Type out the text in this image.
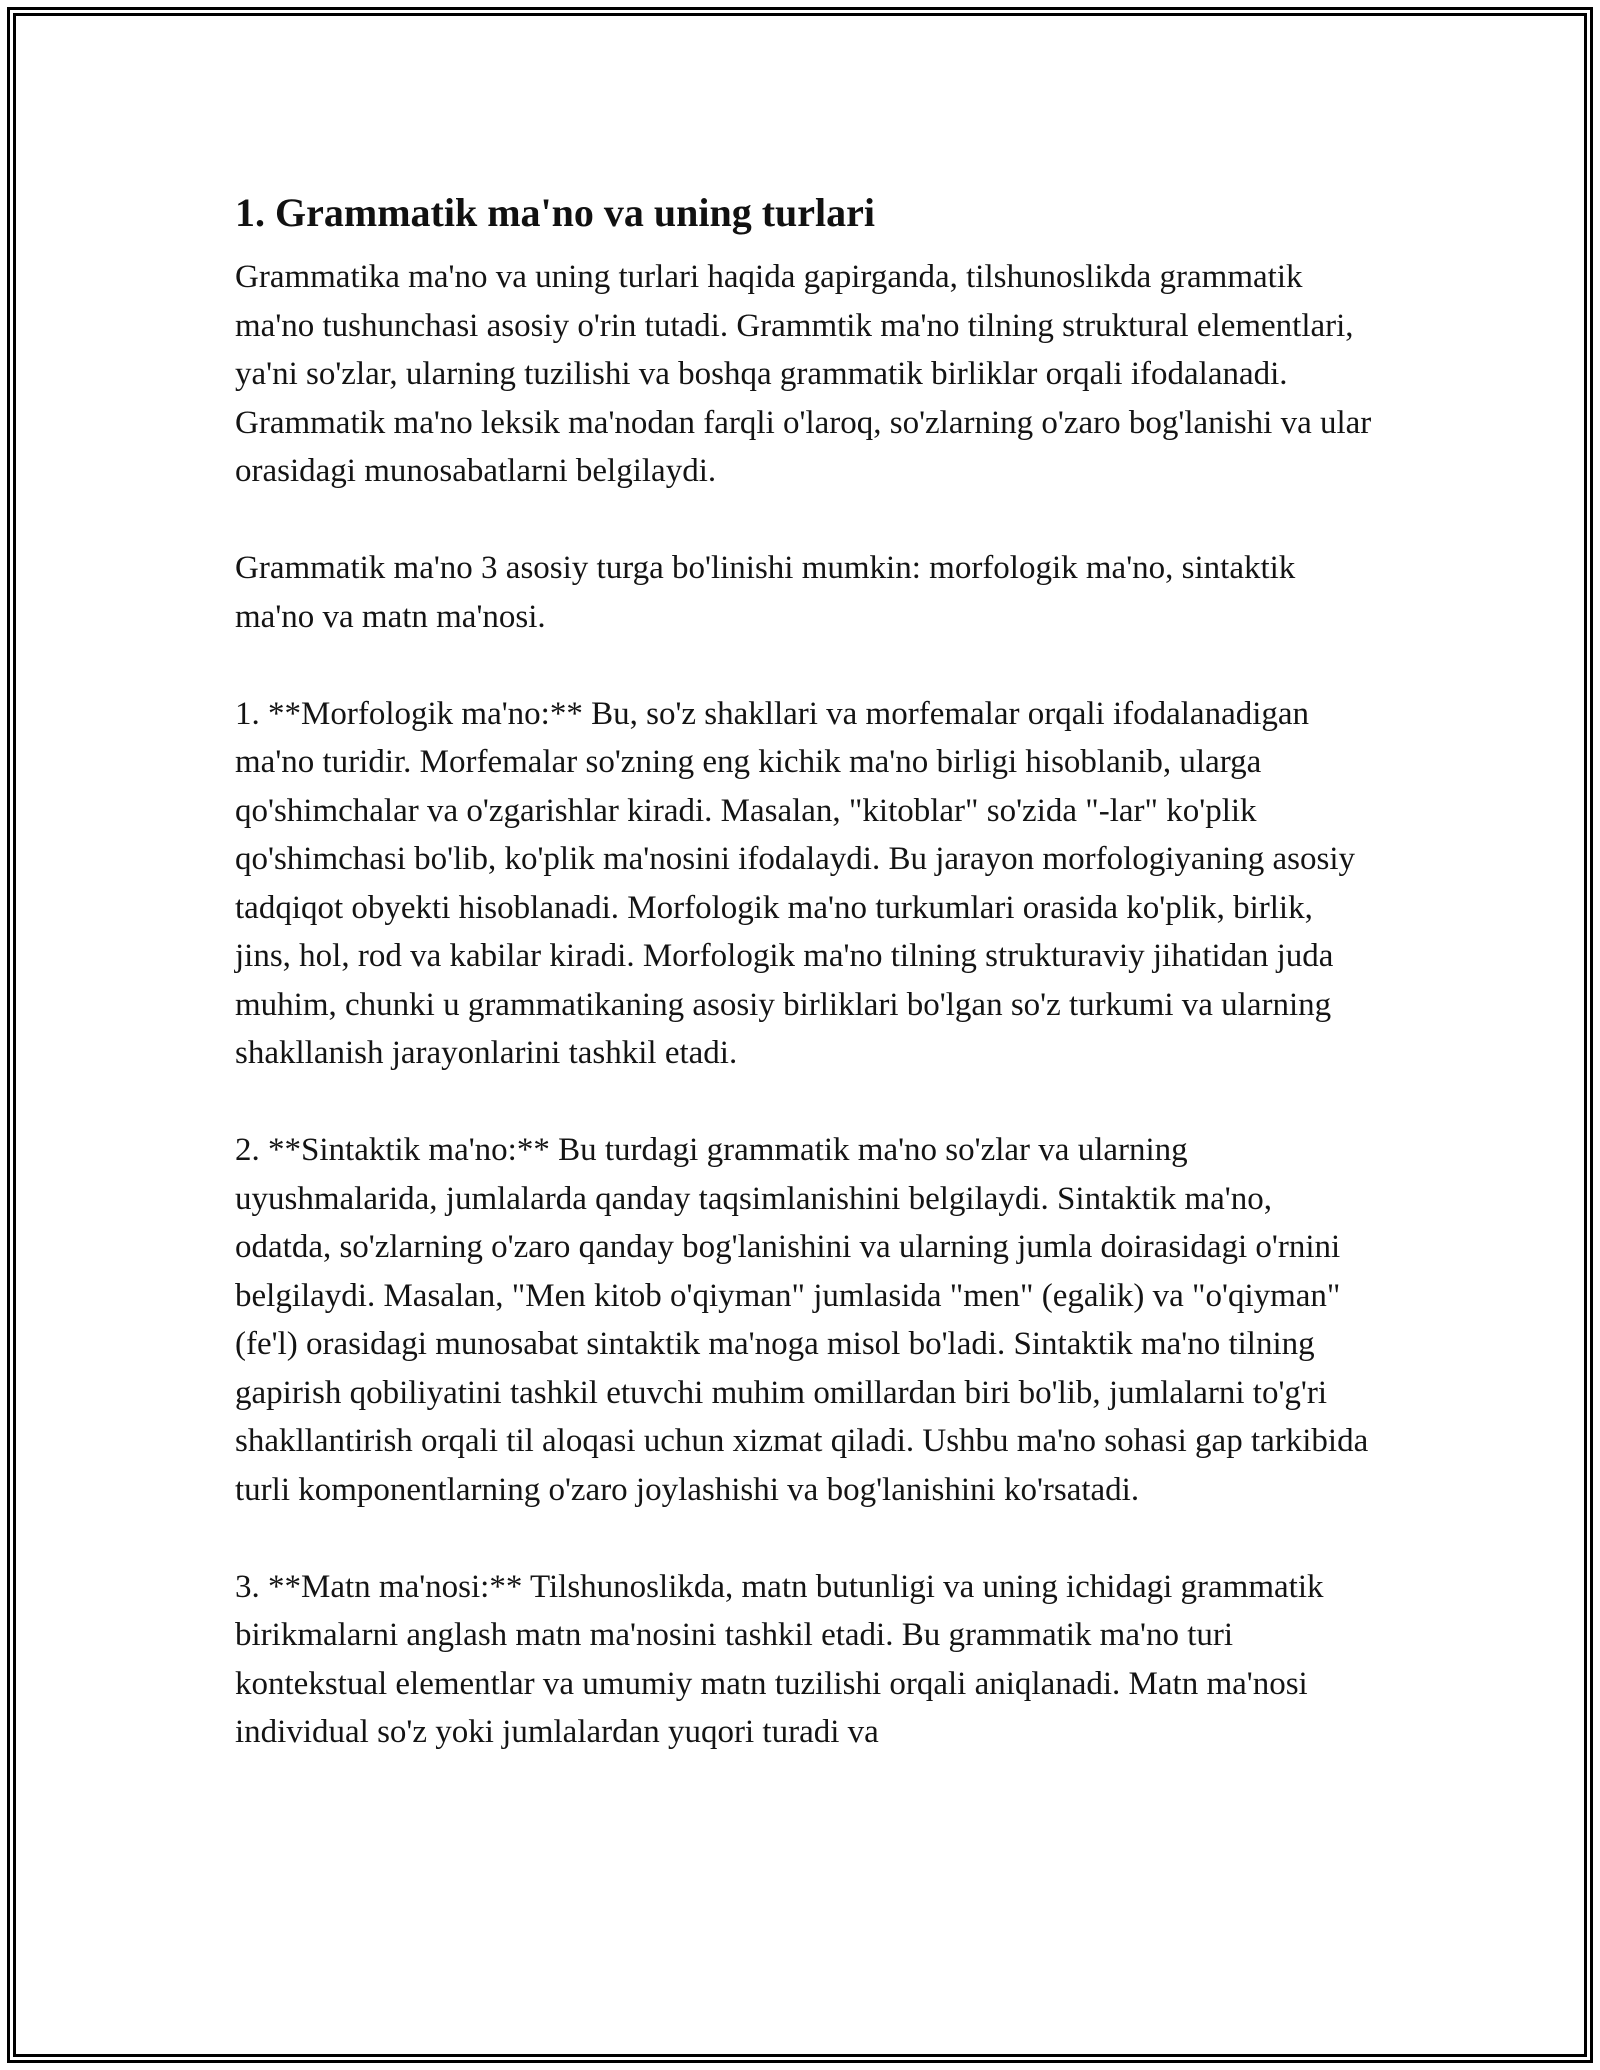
1. Grammatik ma'no va uning turlari

Grammatika ma'no va uning turlari haqida gapirganda, tilshunoslikda grammatik ma'no tushunchasi asosiy o'rin tutadi. Grammtik ma'no tilning struktural elementlari, ya'ni so'zlar, ularning tuzilishi va boshqa grammatik birliklar orqali ifodalanadi. Grammatik ma'no leksik ma'nodan farqli o'laroq, so'zlarning o'zaro bog'lanishi va ular orasidagi munosabatlarni belgilaydi.

Grammatik ma'no 3 asosiy turga bo'linishi mumkin: morfologik ma'no, sintaktik ma'no va matn ma'nosi.

1. **Morfologik ma'no:** Bu, so'z shakllari va morfemalar orqali ifodalanadigan ma'no turidir. Morfemalar so'zning eng kichik ma'no birligi hisoblanib, ularga qo'shimchalar va o'zgarishlar kiradi. Masalan, "kitoblar" so'zida "-lar" ko'plik qo'shimchasi bo'lib, ko'plik ma'nosini ifodalaydi. Bu jarayon morfologiyaning asosiy tadqiqot obyekti hisoblanadi. Morfologik ma'no turkumlari orasida ko'plik, birlik, jins, hol, rod va kabilar kiradi. Morfologik ma'no tilning strukturaviy jihatidan juda muhim, chunki u grammatikaning asosiy birliklari bo'lgan so'z turkumi va ularning shakllanish jarayonlarini tashkil etadi.

2. **Sintaktik ma'no:** Bu turdagi grammatik ma'no so'zlar va ularning uyushmalarida, jumlalarda qanday taqsimlanishini belgilaydi. Sintaktik ma'no, odatda, so'zlarning o'zaro qanday bog'lanishini va ularning jumla doirasidagi o'rnini belgilaydi. Masalan, "Men kitob o'qiyman" jumlasida "men" (egalik) va "o'qiyman" (fe'l) orasidagi munosabat sintaktik ma'noga misol bo'ladi. Sintaktik ma'no tilning gapirish qobiliyatini tashkil etuvchi muhim omillardan biri bo'lib, jumlalarni to'g'ri shakllantirish orqali til aloqasi uchun xizmat qiladi. Ushbu ma'no sohasi gap tarkibida turli komponentlarning o'zaro joylashishi va bog'lanishini ko'rsatadi.

3. **Matn ma'nosi:** Tilshunoslikda, matn butunligi va uning ichidagi grammatik birikmalarni anglash matn ma'nosini tashkil etadi. Bu grammatik ma'no turi kontekstual elementlar va umumiy matn tuzilishi orqali aniqlanadi. Matn ma'nosi individual so'z yoki jumlalardan yuqori turadi va
